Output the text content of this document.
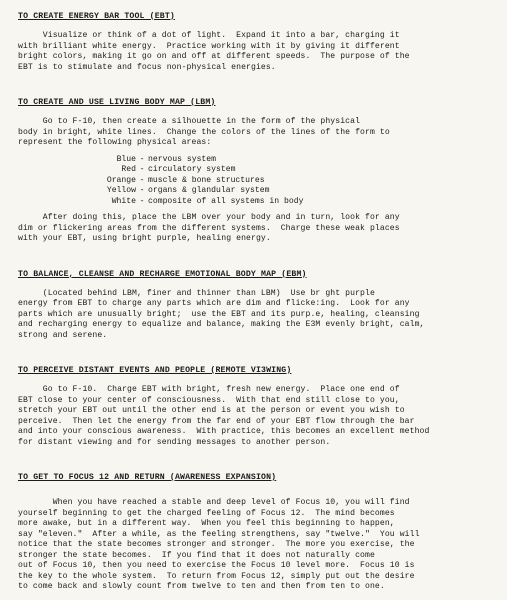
TO CREATE ENERGY BAR TOOL (EBT)

Visualize or think of a dot of light.  Expand it into a bar, charging it
with brilliant white energy.  Practice working with it by giving it different
bright colors, making it go on and off at different speeds.  The purpose of the
EBT is to stimulate and focus non-physical energies.

TO CREATE AND USE LIVING BODY MAP (LBM)

Go to F-10, then create a silhouette in the form of the physical
body in bright, white lines.  Change the colors of the lines of the form to
represent the following physical areas:

Blue - nervous system
Red - circulatory system
Orange - muscle & bone structures
Yellow - organs & glandular system
White - composite of all systems in body

After doing this, place the LBM over your body and in turn, look for any
dim or flickering areas from the different systems.  Charge these weak places
with your EBT, using bright purple, healing energy.

TO BALANCE, CLEANSE AND RECHARGE EMOTIONAL BODY MAP (EBM)

(Located behind LBM, finer and thinner than LBM)  Use br ght purple
energy from EBT to charge any parts which are dim and flicke:ing.  Look for any
parts which are unusually bright;  use the EBT and its purp.e, healing, cleansing
and recharging energy to equalize and balance, making the E3M evenly bright, calm,
strong and serene.

TO PERCEIVE DISTANT EVENTS AND PEOPLE (REMOTE VI3WING)

Go to F-10.  Charge EBT with bright, fresh new energy.  Place one end of
EBT close to your center of consciousness.  With that end still close to you,
stretch your EBT out until the other end is at the person or event you wish to
perceive.  Then let the energy from the far end of your EBT flow through the bar
and into your conscious awareness.  With practice, this becomes an excellent method
for distant viewing and for sending messages to another person.

TO GET TO FOCUS 12 AND RETURN (AWARENESS EXPANSION)

When you have reached a stable and deep level of Focus 10, you will find
yourself beginning to get the charged feeling of Focus 12.  The mind becomes
more awake, but in a different way.  When you feel this beginning to happen,
say "eleven."  After a while, as the feeling strengthens, say "twelve."  You will
notice that the state becomes stronger and stronger.  The more you exercise, the
stronger the state becomes.  If you find that it does not naturally come
out of Focus 10, then you need to exercise the Focus 10 level more.  Focus 10 is
the key to the whole system.  To return from Focus 12, simply put out the desire
to come back and slowly count from twelve to ten and then from ten to one.
